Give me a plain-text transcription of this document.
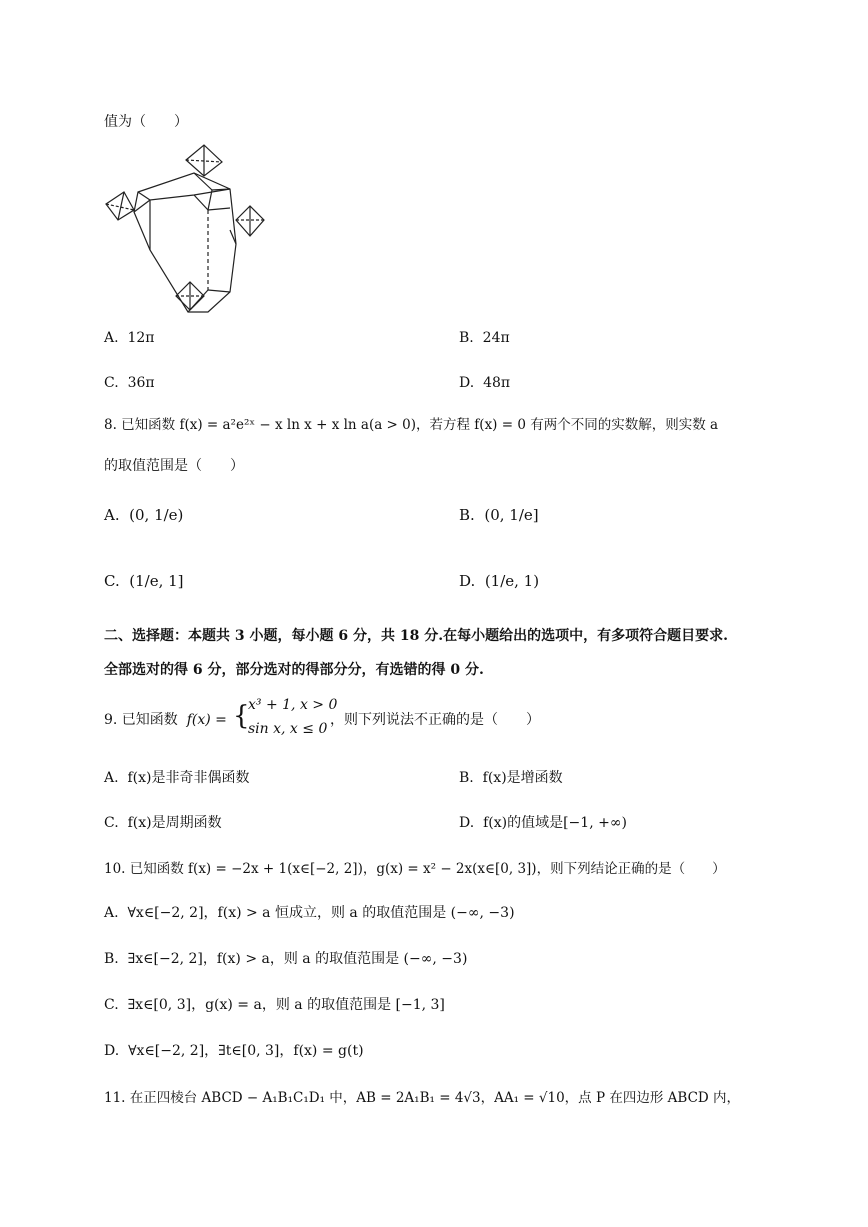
值为（　　）
A. 12π	B. 24π
C. 36π	D. 48π
8. 已知函数 f(x) = a²e²ˣ − x ln x + x ln a(a > 0)，若方程 f(x) = 0 有两个不同的实数解，则实数 a
的取值范围是（　　）
A. (0, 1/e)	B. (0, 1/e]
C. (1/e, 1]	D. (1/e, 1)
二、选择题：本题共 3 小题，每小题 6 分，共 18 分.在每小题给出的选项中，有多项符合题目要求.
全部选对的得 6 分，部分选对的得部分分，有选错的得 0 分.
9. 已知函数  f(x) = {
x³ + 1, x > 0
sin x, x ≤ 0
，则下列说法不正确的是（　　）
A. f(x)是非奇非偶函数	B. f(x)是增函数
C. f(x)是周期函数	D. f(x)的值域是[−1, +∞)
10. 已知函数 f(x) = −2x + 1(x∈[−2, 2])，g(x) = x² − 2x(x∈[0, 3])，则下列结论正确的是（　　）
A. ∀x∈[−2, 2]，f(x) > a 恒成立，则 a 的取值范围是 (−∞, −3)
B. ∃x∈[−2, 2]，f(x) > a，则 a 的取值范围是 (−∞, −3)
C. ∃x∈[0, 3]，g(x) = a，则 a 的取值范围是 [−1, 3]
D. ∀x∈[−2, 2]，∃t∈[0, 3]，f(x) = g(t)
11. 在正四棱台 ABCD − A₁B₁C₁D₁ 中，AB = 2A₁B₁ = 4√3，AA₁ = √10，点 P 在四边形 ABCD 内，
